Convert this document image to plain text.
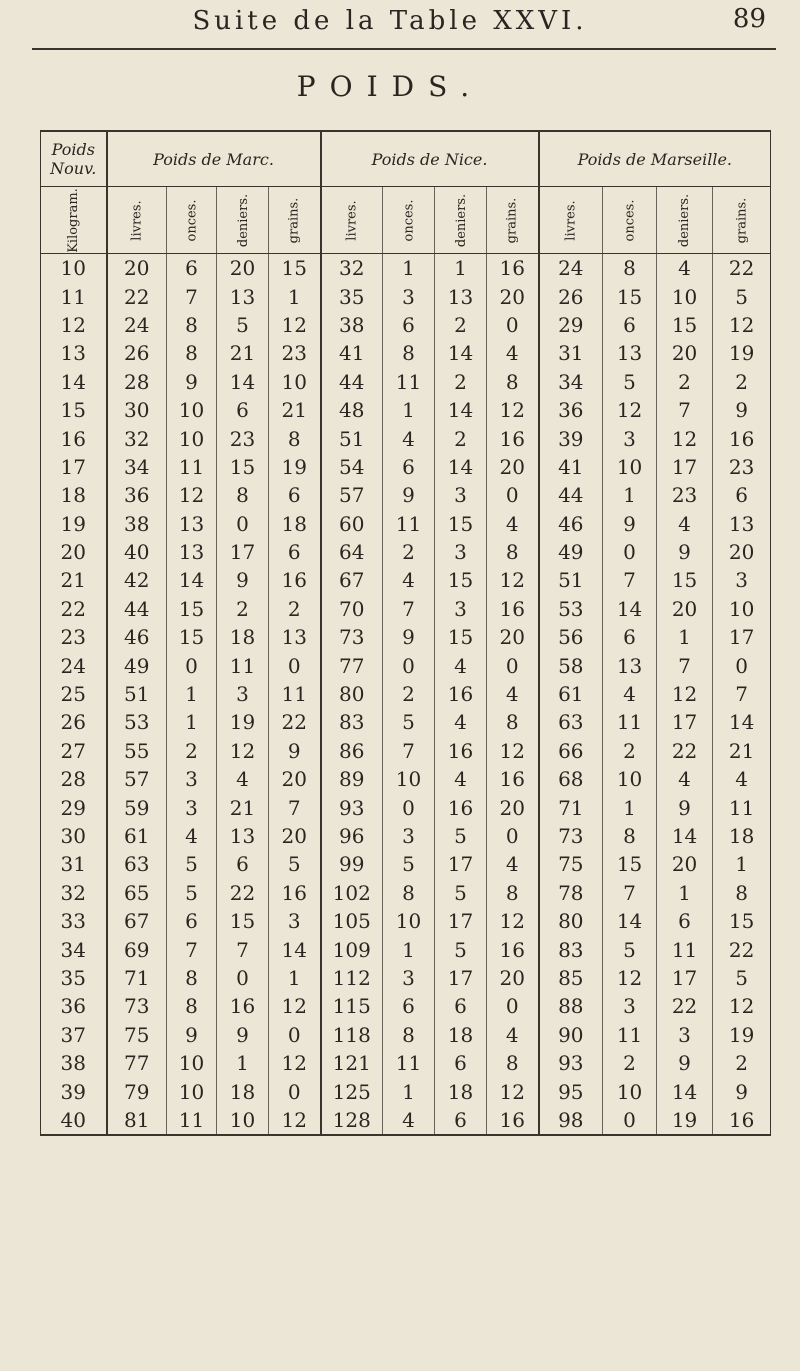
Suite de la Table XXVI.	89
POIDS.
Poids Nouv.	Poids de Marc.				Poids de Nice.				Poids de Marseille.			
Kilogram.	livres.	onces.	deniers.	grains.	livres.	onces.	deniers.	grains.	livres.	onces.	deniers.	grains.
10	20	6	20	15	32	1	1	16	24	8	4	22
11	22	7	13	1	35	3	13	20	26	15	10	5
12	24	8	5	12	38	6	2	0	29	6	15	12
13	26	8	21	23	41	8	14	4	31	13	20	19
14	28	9	14	10	44	11	2	8	34	5	2	2
15	30	10	6	21	48	1	14	12	36	12	7	9
16	32	10	23	8	51	4	2	16	39	3	12	16
17	34	11	15	19	54	6	14	20	41	10	17	23
18	36	12	8	6	57	9	3	0	44	1	23	6
19	38	13	0	18	60	11	15	4	46	9	4	13
20	40	13	17	6	64	2	3	8	49	0	9	20
21	42	14	9	16	67	4	15	12	51	7	15	3
22	44	15	2	2	70	7	3	16	53	14	20	10
23	46	15	18	13	73	9	15	20	56	6	1	17
24	49	0	11	0	77	0	4	0	58	13	7	0
25	51	1	3	11	80	2	16	4	61	4	12	7
26	53	1	19	22	83	5	4	8	63	11	17	14
27	55	2	12	9	86	7	16	12	66	2	22	21
28	57	3	4	20	89	10	4	16	68	10	4	4
29	59	3	21	7	93	0	16	20	71	1	9	11
30	61	4	13	20	96	3	5	0	73	8	14	18
31	63	5	6	5	99	5	17	4	75	15	20	1
32	65	5	22	16	102	8	5	8	78	7	1	8
33	67	6	15	3	105	10	17	12	80	14	6	15
34	69	7	7	14	109	1	5	16	83	5	11	22
35	71	8	0	1	112	3	17	20	85	12	17	5
36	73	8	16	12	115	6	6	0	88	3	22	12
37	75	9	9	0	118	8	18	4	90	11	3	19
38	77	10	1	12	121	11	6	8	93	2	9	2
39	79	10	18	0	125	1	18	12	95	10	14	9
40	81	11	10	12	128	4	6	16	98	0	19	16
